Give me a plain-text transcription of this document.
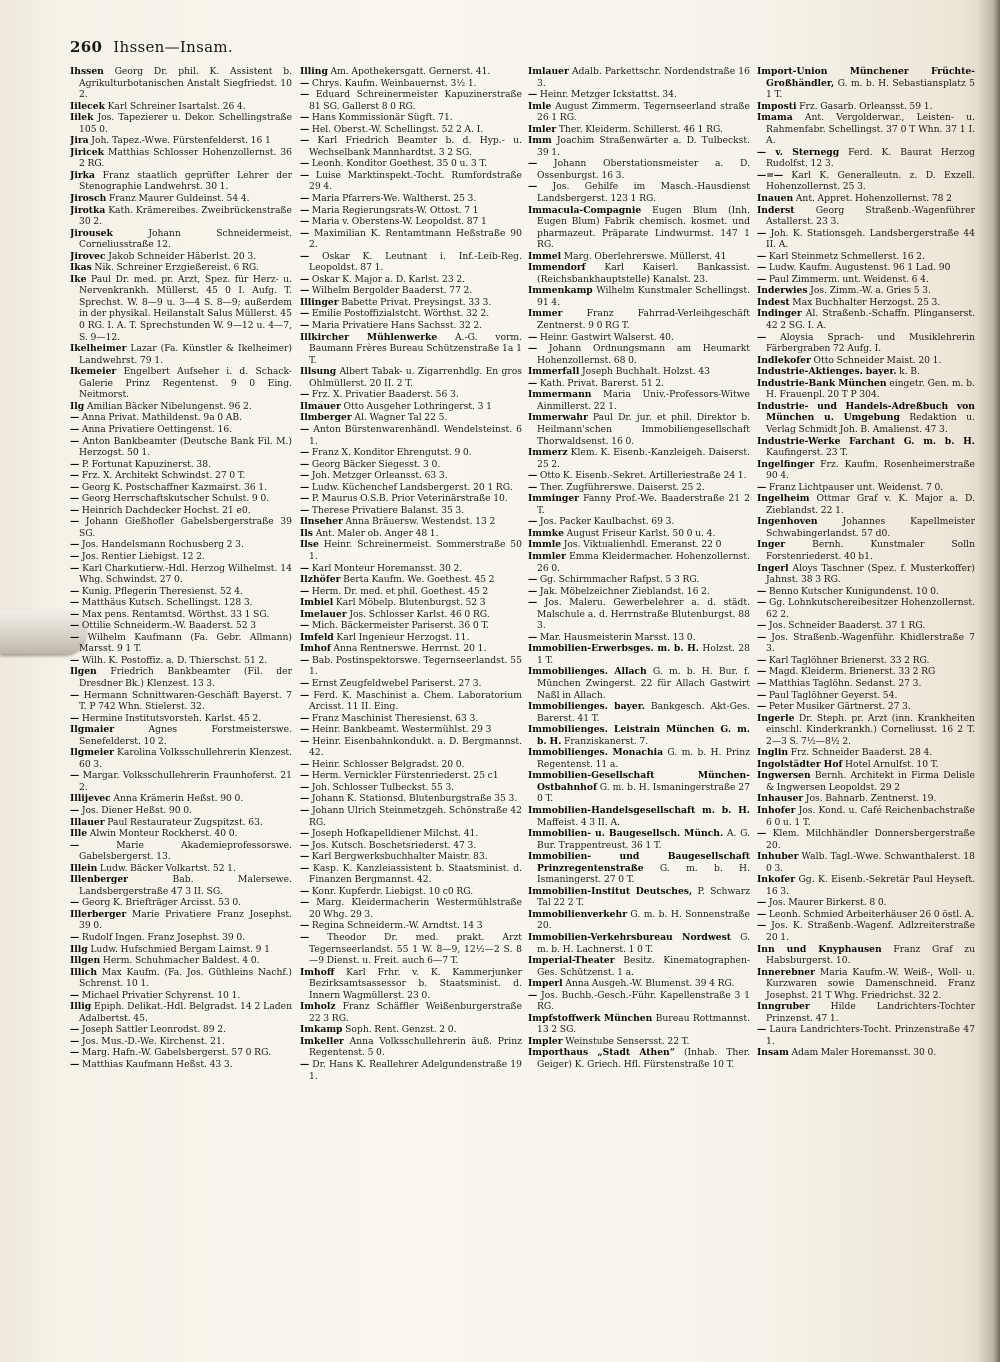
260 Ihssen—Insam.
Ihssen Georg Dr. phil. K. Assistent b. Agrikulturbotanischen Anstalt Siegfriedst. 10 2.
Iilecek Karl Schreiner Isartalst. 26 4.
Iilek Jos. Tapezierer u. Dekor. Schellingstraße 105 0.
Jira Joh. Tapez.-Wwe. Fürstenfelderst. 16 1
Jiricek Matthias Schlosser Hohenzollernst. 36 2 RG.
Jirka Franz staatlich geprüfter Lehrer der Stenographie Landwehrst. 30 1.
Jirosch Franz Maurer Guldeinst. 54 4.
Jirotka Kath. Krämereibes. Zweibrückenstraße 30 2.
Jirousek	Johann Schneidermeist. Corneliusstraße 12.
Jirovec Jakob Schneider Häberlst. 20 3.
Ikas Nik. Schreiner Erzgießereist. 6 RG.
Ike Paul Dr. med. pr. Arzt, Spez. für Herz- u. Nervenkrankh. Müllerst. 45 0 I. Aufg. T. Sprechst. W. 8—9 u. 3—4 S. 8—9; außerdem in der physikal. Heilanstalt Salus Müllerst. 45 0 RG. I. A. T. Sprechstunden W. 9—12 u. 4—7, S. 9—12.
Ikelheimer Lazar (Fa. Künstler & Ikelheimer) Landwehrst. 79 1.
Ikemeier Engelbert Aufseher i. d. Schack-Galerie Prinz Regentenst. 9 0 Eing. Neitmorst.
Ilg Amilian Bäcker Nibelungenst. 96 2.
— Anna Privat. Mathildenst. 9a 0 AB.
— Anna Privatiere Oettingenst. 16.
— Anton Bankbeamter (Deutsche Bank Fil. M.) Herzogst. 50 1.
— P. Fortunat Kapuzinerst. 38.
— Frz. X. Architekt Schwindst. 27 0 T.
— Georg K. Postschaffner Kazmairst. 36 1.
— Georg Herrschaftskutscher Schulst. 9 0.
— Heinrich Dachdecker Hochst. 21 e0.
— Johann Gießhofler Gabelsbergerstraße 39 SG.
— Jos. Handelsmann Rochusberg 2 3.
— Jos. Rentier Liebigst. 12 2.
— Karl Charkutierw.-Hdl. Herzog Wilhelmst. 14 Whg. Schwindst. 27 0.
— Kunig. Pflegerin Theresienst. 52 4.
— Matthäus Kutsch. Schellingst. 128 3.
— Max pens. Rentamtsd. Wörthst. 33 1 SG.
— Ottilie Schneiderm.-W. Baaderst. 52 3
— Wilhelm Kaufmann (Fa. Gebr. Allmann) Marsst. 9 1 T.
— Wilh. K. Postoffiz. a. D. Thierschst. 51 2.
Ilgen Friedrich Bankbeamter (Fil. der Dresdner Bk.) Klenzest. 13 3.
— Hermann Schnittwaren-Geschäft Bayerst. 7 T. P 742 Whn. Stielerst. 32.
— Hermine Institutsvorsteh. Karlst. 45 2.
Ilgmaier	Agnes Forstmeisterswe. Senefelderst. 10 2.
Ilgmeier Karolina Volksschullehrerin Klenzest. 60 3.
— Margar. Volksschullehrerin Fraunhoferst. 21 2.
Illijevec Anna Krämerin Heßst. 90 0.
— Jos. Diener Heßst. 90 0.
Illauer Paul Restaurateur Zugspitzst. 63.
Ille Alwin Monteur Rockherst. 40 0.
—	Marie Akademieprofessorswe. Gabelsbergerst. 13.
Illein Ludw. Bäcker Volkartst. 52 1.
Illenberger	Bab. Malersewe. Landsbergerstraße 47 3 II. SG.
— Georg K. Briefträger Arcisst. 53 0.
Illerberger Marie Privatiere Franz Josephst. 39 0.
— Rudolf Ingen. Franz Josephst. 39 0.
Illg Ludw. Hufschmied Bergam Laimst. 9 1
Illgen Herm. Schuhmacher Baldest. 4 0.
Illich Max Kaufm. (Fa. Jos. Güthleins Nachf.) Schrenst. 10 1.
— Michael Privatier Schyrenst. 10 1.
Illig Epiph. Delikat.-Hdl. Belgradst. 14 2 Laden Adalbertst. 45.
— Joseph Sattler Leonrodst. 89 2.
— Jos. Mus.-D.-We. Kirchenst. 21.
— Marg. Hafn.-W. Gabelsbergerst. 57 0 RG.
— Matthias Kaufmann Heßst. 43 3.
Illing Am. Apothekersgatt. Gernerst. 41.
— Chrys. Kaufm. Weinbauernst. 3½ 1.
— Eduard Schreinermeister Kapuzinerstraße 81 SG. Gallerst 8 0 RG.
— Hans Kommissionär Sügft. 71.
— Hel. Oberst.-W. Schellingst. 52 2 A. I.
— Karl Friedrich Beamter b. d. Hyp.- u. Wechselbank Mannhardtst. 3 2 SG.
— Leonh. Konditor Goethest. 35 0 u. 3 T.
— Luise Marktinspekt.-Tocht. Rumfordstraße 29 4.
— Maria Pfarrers-We. Waltherst. 25 3.
— Maria Regierungsrats-W. Ottost. 7 1
— Maria v. Oberstens-W. Leopoldst. 87 1
— Maximilian K. Rentamtmann Heßstraße 90 2.
— Oskar K. Leutnant i. Inf.-Leib-Reg. Leopoldst. 87 1.
— Oskar K. Major a. D. Karlst. 23 2.
— Wilhelm Bergolder Baaderst. 77 2.
Illinger Babette Privat. Preysingst. 33 3.
— Emilie Postoffizialstcht. Wörthst. 32 2.
— Maria Privatiere Hans Sachsst. 32 2.
Illkircher Mühlenwerke A.-G. vorm. Baumann Frères Bureau Schützenstraße 1a 1 T.
Illsung Albert Tabak- u. Zigarrenhdlg. En gros Ohlmüllerst. 20 II. 2 T.
— Frz. X. Privatier Baaderst. 56 3.
Ilmauer Otto Ausgeher Lothringerst. 3 1
Ilmberger Al. Wagner Tal 22 5.
— Anton Bürstenwarenhändl. Wendelsteinst. 6 1.
— Franz X. Konditor Ehrengutst. 9 0.
— Georg Bäcker Siegesst. 3 0.
— Joh. Metzger Orleansst. 63 3.
— Ludw. Küchenchef Landsbergerst. 20 1 RG.
— P. Maurus O.S.B. Prior Veterinärstraße 10.
— Therese Privatiere Balanst. 35 3.
Ilnseher Anna Bräuersw. Westendst. 13 2
Ils Ant. Maler ob. Anger 48 1.
Ilse Heinr. Schreinermeist. Sommerstraße 50 1.
— Karl Monteur Horemansst. 30 2.
Ilzhöfer Berta Kaufm. We. Goethest. 45 2
— Herm. Dr. med. et phil. Goethest. 45 2
Imbiel Karl Möbelp. Blutenburgst. 52 3
Imelauer Jos. Schlosser Karlst. 46 0 RG.
— Mich. Bäckermeister Pariserst. 36 0 T.
Imfeld Karl Ingenieur Herzogst. 11.
Imhof Anna Rentnerswe. Herrnst. 20 1.
— Bab. Postinspektorswe. Tegernseerlandst. 55 1.
— Ernst Zeugfeldwebel Pariserst. 27 3.
— Ferd. K. Maschinist a. Chem. Laboratorium Arcisst. 11 II. Eing.
— Franz Maschinist Theresienst. 63 3.
— Heinr. Bankbeamt. Westermühlst. 29 3
— Heinr. Eisenbahnkondukt. a. D. Bergmannst. 42.
— Heinr. Schlosser Belgradst. 20 0.
— Herm. Vernickler Fürstenriederst. 25 c1
— Joh. Schlosser Tulbeckst. 55 3.
— Johann K. Stationsd. Blutenburgstraße 35 3.
— Johann Ulrich Steinmetzgeh. Schönstraße 42 RG.
— Joseph Hofkapelldiener Milchst. 41.
— Jos. Kutsch. Boschetsriederst. 47 3.
— Karl Bergwerksbuchhalter Maistr. 83.
— Kasp. K. Kanzleiassistent b. Staatsminist. d. Finanzen Bergmannst. 42.
— Konr. Kupferdr. Liebigst. 10 c0 RG.
— Marg. Kleidermacherin Westermühlstraße 20 Whg. 29 3.
— Regina Schneiderm.-W. Arndtst. 14 3
— Theodor Dr. med. prakt. Arzt Tegernseerlandst. 55 1 W. 8—9, 12½—2 S. 8—9 Dienst. u. Freit. auch 6—7 T.
Imhoff Karl Frhr. v. K. Kammerjunker Bezirksamtsassessor b. Staatsminist. d. Innern Wagmüllerst. 23 0.
Imholz Franz Schäffler Weißenburgerstraße 22 3 RG.
Imkamp Soph. Rent. Genzst. 2 0.
Imkeller Anna Volksschullehrerin äuß. Prinz Regentenst. 5 0.
— Dr. Hans K. Reallehrer Adelgundenstraße 19 1.
Imlauer Adalb. Parkettschr. Nordendstraße 16 3.
— Heinr. Metzger Ickstattst. 34.
Imle August Zimmerm. Tegernseerland straße 26 1 RG.
Imler Ther. Kleiderm. Schillerst. 46 1 RG.
Imm Joachim Straßenwärter a. D. Tulbeckst. 39 1.
— Johann Oberstationsmeister a. D. Ossenburgst. 16 3.
— Jos. Gehilfe im Masch.-Hausdienst Landsbergerst. 123 1 RG.
Immacula-Compagnie Eugen Blum (Inh. Eugen Blum) Fabrik chemisch. kosmet. und pharmazeut. Präparate Lindwurmst. 147 1 RG.
Immel Marg. Oberlehrerswe. Müllerst. 41
Immendorf Karl Kaiserl. Bankassist. (Reichsbankhauptstelle) Kanalst. 23.
Immenkamp Wilhelm Kunstmaler Schellingst. 91 4.
Immer	Franz Fahrrad-Verleihgeschäft Zentnerst. 9 0 RG T.
— Heinr. Gastwirt Walserst. 40.
— Johann Ordnungsmann am Heumarkt Hohenzollernst. 68 0.
Immerfall Joseph Buchhalt. Holzst. 43
— Kath. Privat. Barerst. 51 2.
Immermann Maria Univ.-Professors-Witwe Ainmillerst. 22 1.
Immerwahr Paul Dr. jur. et phil. Direktor b. Heilmann'schen Immobiliengesellschaft Thorwaldsenst. 16 0.
Immerz Klem. K. Eisenb.-Kanzleigeh. Daiserst. 25 2.
— Otto K. Eisenb.-Sekret. Artilleriestraße 24 1.
— Ther. Zugführerswe. Daiserst. 25 2.
Imminger Fanny Prof.-We. Baaderstraße 21 2 T.
— Jos. Packer Kaulbachst. 69 3.
Immke August Friseur Karlst. 50 0 u. 4.
Immle Jos. Viktualienhdl. Emeranst. 22 0
Immler Emma Kleidermacher. Hohenzollernst. 26 0.
— Gg. Schirmmacher Rafpst. 5 3 RG.
— Jak. Möbelzeichner Zieblandst. 16 2.
— Jos. Maleru. Gewerbelehrer a. d. städt. Malschule a. d. Herrnstraße Blutenburgst. 88 3.
— Mar. Hausmeisterin Marsst. 13 0.
Immobilien-Erwerbsges. m. b. H. Holzst. 28 1 T.
Immobilienges. Allach G. m. b. H. Bur. f. München Zwingerst. 22 für Allach Gastwirt Naßl in Allach.
Immobilienges. bayer. Bankgesch. Akt-Ges. Barerst. 41 T.
Immobilienges. Leistrain München G. m. b. H. Franziskanerst. 7.
Immobilienges. Monachia G. m. b. H. Prinz Regentenst. 11 a.
Immobilien-Gesellschaft München-Ostbahnhof G. m. b. H. Ismaningerstraße 27 0 T.
Immobilien-Handelsgesellschaft m. b. H. Maffeist. 4 3 II. A.
Immobilien- u. Baugesellsch. Münch. A. G. Bur. Trappentreust. 36 1 T.
Immobilien- und Baugesellschaft Prinzregentenstraße G. m. b. H. Ismaningerst. 27 0 T.
Immobilien-Institut Deutsches, P. Schwarz Tal 22 2 T.
Immobilienverkehr G. m. b. H. Sonnenstraße 20.
Immobilien-Verkehrsbureau Nordwest G. m. b. H. Lachnerst. 1 0 T.
Imperial-Theater Besitz. Kinematographen-Ges. Schützenst. 1 a.
Imperl Anna Ausgeh.-W. Blumenst. 39 4 RG.
— Jos. Buchb.-Gesch.-Führ. Kapellenstraße 3 1 RG.
Impfstoffwerk München Bureau Rottmannst. 13 2 SG.
Impler Weinstube Sensersst. 22 T.
Importhaus „Stadt Athen“ (Inhab. Ther. Geiger) K. Griech. Hfl. Fürstenstraße 10 T.
Import-Union Münchener Früchte-Großhändler, G. m. b. H. Sebastiansplatz 5 1 T.
Imposti Frz. Gasarb. Orleansst. 59 1.
Imama Ant. Vergolderwar., Leisten- u. Rahmenfabr. Schellingst. 37 0 T Whn. 37 1 I. A.
— v. Sternegg Ferd. K. Baurat Herzog Rudolfst. 12 3.
—=— Karl K. Generalleutn. z. D. Exzell. Hohenzollernst. 25 3.
Inauen Ant. Appret. Hohenzollernst. 78 2
Inderst Georg Straßenb.-Wagenführer Astallerst. 23 3.
— Joh. K. Stationsgeh. Landsbergerstraße 44 II. A.
— Karl Steinmetz Schmellerst. 16 2.
— Ludw. Kaufm. Augustenst. 96 1 Lad. 90
— Paul Zimmerm. unt. Weidenst. 6 4.
Inderwies Jos. Zimm.-W. a. Gries 5 3.
Indest Max Buchhalter Herzogst. 25 3.
Indinger Al. Straßenb.-Schaffn. Plinganserst. 42 2 SG. I. A.
— Aloysia Sprach- und Musiklehrerin Färbergraben 72 Aufg. I.
Indlekofer Otto Schneider Maist. 20 1.
Industrie-Aktienges. bayer. k. B.
Industrie-Bank München eingetr. Gen. m. b. H. Frauenpl. 20 T P 304.
Industrie- und Handels-Adreßbuch von München u. Umgebung Redaktion u. Verlag Schmidt Joh. B. Amalienst. 47 3.
Industrie-Werke Farchant G. m. b. H. Kaufingerst. 23 T.
Ingelfinger Frz. Kaufm. Rosenheimerstraße 90 4.
— Franz Lichtpauser unt. Weidenst. 7 0.
Ingelheim Ottmar Graf v. K. Major a. D. Zieblandst. 22 1.
Ingenhoven	Johannes Kapellmeister Schwabingerlandst. 57 d0.
Inger	Bernh. Kunstmaler Solln Forstenriederst. 40 b1.
Ingerl Aloys Taschner (Spez. f. Musterkoffer) Jahnst. 38 3 RG.
— Benno Kutscher Kunigundenst. 10 0.
— Gg. Lohnkutschereibesitzer Hohenzollernst. 62 2.
— Jos. Schneider Baaderst. 37 1 RG.
— Jos. Straßenb.-Wagenführ. Khidlerstraße 7 3.
— Karl Taglöhner Brienerst. 33 2 RG.
— Magd. Kleiderm. Brienerst. 33 2 RG
— Matthias Taglöhn. Sedanst. 27 3.
— Paul Taglöhner Geyerst. 54.
— Peter Musiker Gärtnerst. 27 3.
Ingerle Dr. Steph. pr. Arzt (inn. Krankheiten einschl. Kinderkrankh.) Corneliusst. 16 2 T. 2—3 S. 7½—8½ 2.
Inglin Frz. Schneider Baaderst. 28 4.
Ingolstädter Hof Hotel Arnulfst. 10 T.
Ingwersen Bernh. Architekt in Firma Delisle & Ingwersen Leopoldst. 29 2
Inhauser Jos. Bahnarb. Zentnerst. 19.
Inhofer Jos. Kond. u. Café Reichenbachstraße 6 0 u. 1 T.
— Klem. Milchhändler Donnersbergerstraße 20.
Inhuber Walb. Tagl.-Wwe. Schwanthalerst. 18 0 3.
Inkofer Gg. K. Eisenb.-Sekretär Paul Heyseft. 16 3.
— Jos. Maurer Birkerst. 8 0.
— Leonh. Schmied Arbeiterhäuser 26 0 östl. A.
— Jos. K. Straßenb.-Wagenf. Adlzreiterstraße 20 1.
Inn und Knyphausen Franz Graf zu Habsburgerst. 10.
Innerebner Maria Kaufm.-W. Weiß-, Woll- u. Kurzwaren sowie Damenschneid. Franz Josephst. 21 T Whg. Friedrichst. 32 2.
Inngruber Hilde Landrichters-Tochter Prinzenst. 47 1.
— Laura Landrichters-Tocht. Prinzenstraße 47 1.
Insam Adam Maler Horemansst. 30 0.
